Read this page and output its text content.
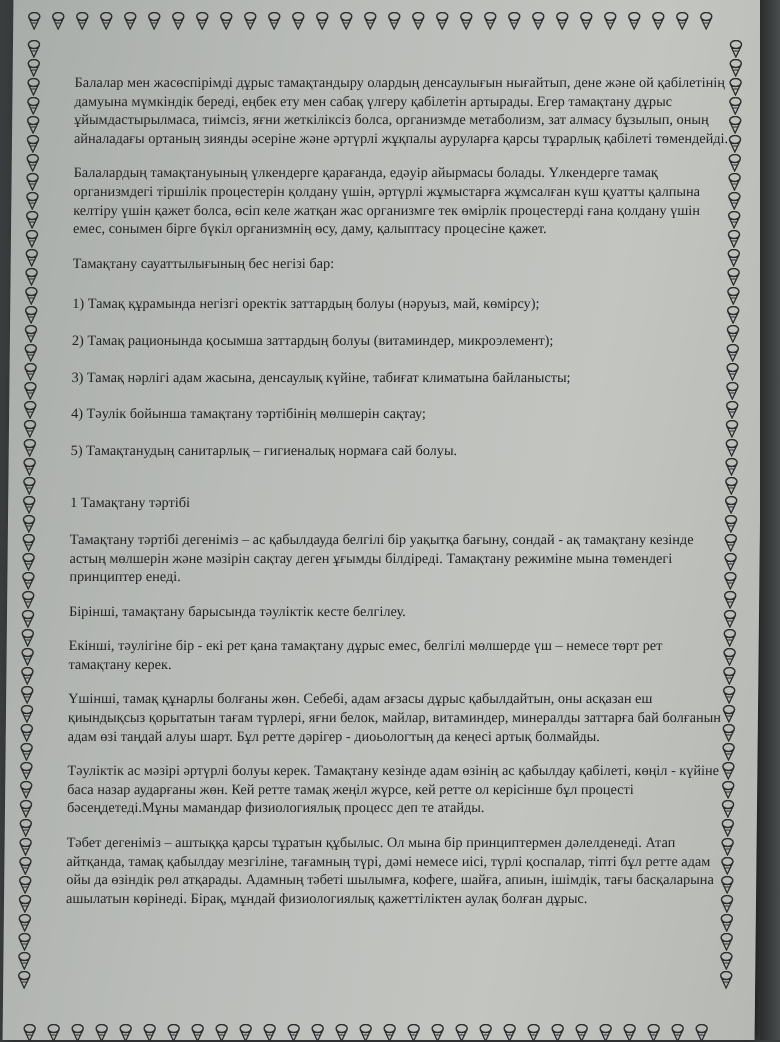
Балалар мен жасөспірімді дұрыс тамақтандыру олардың денсаулығын нығайтып, дене және ой қабілетінің дамуына мүмкіндік береді, еңбек ету мен сабақ үлгеру қабілетін артырады. Егер тамақтану дұрыс ұйымдастырылмаса, тиімсіз, яғни жеткіліксіз болса, организмде метаболизм, зат алмасу бұзылып, оның айналадағы ортаның зиянды әсеріне және әртүрлі жұқпалы ауруларға қарсы тұрарлық қабілеті төмендейді.

Балалардың тамақтануының үлкендерге қарағанда, едәуір айырмасы болады. Үлкендерге тамақ организмдегі тіршілік процестерін қолдану үшін, әртүрлі жұмыстарға жұмсалған күш қуатты қалпына келтіру үшін қажет болса, өсіп келе жатқан жас организмге тек өмірлік процестерді ғана қолдану үшін емес, сонымен бірге бүкіл организмнің өсу, даму, қалыптасу процесіне қажет.

Тамақтану сауаттылығының бес негізі бар:

1) Тамақ құрамында негізгі оректік заттардың болуы (нәруыз, май, көмірсу);

2) Тамақ рационында қосымша заттардың болуы (витаминдер, микроэлемент);

3) Тамақ нәрлігі адам жасына, денсаулық күйіне, табиғат климатына байланысты;

4) Тәулік бойынша тамақтану тәртібінің мөлшерін сақтау;

5) Тамақтанудың санитарлық – гигиеналық нормаға сай болуы.

1 Тамақтану тәртібі

Тамақтану тәртібі дегеніміз – ас қабылдауда белгілі бір уақытқа бағыну, сондай - ақ тамақтану кезінде астың мөлшерін және мәзірін сақтау деген ұғымды білдіреді. Тамақтану режиміне мына төмендегі принциптер енеді.

Бірінші, тамақтану барысында тәуліктік кесте белгілеу.

Екінші, тәулігіне бір - екі рет қана тамақтану дұрыс емес, белгілі мөлшерде үш – немесе төрт рет тамақтану керек.

Үшінші, тамақ құнарлы болғаны жөн. Себебі, адам ағзасы дұрыс қабылдайтын, оны асқазан еш қиындықсыз қорытатын тағам түрлері, яғни белок, майлар, витаминдер, минералды заттарға бай болғанын адам өзі таңдай алуы шарт. Бұл ретте дәрігер - диоьологтың да кеңесі артық болмайды.

Тәуліктік ас мәзірі әртүрлі болуы керек. Тамақтану кезінде адам өзінің ас қабылдау қабілеті, көңіл - күйіне баса назар аударғаны жөн. Кей ретте тамақ жеңіл жүрсе, кей ретте ол керісінше бұл процесті бәсеңдетеді.Мұны мамандар физиологиялық процесс деп те атайды.

Тәбет дегеніміз – аштыққа қарсы тұратын құбылыс. Ол мына бір принциптермен дәлелденеді. Атап айтқанда, тамақ қабылдау мезгіліне, тағамның түрі, дәмі немесе иісі, түрлі қоспалар, тіпті бұл ретте адам ойы да өзіндік рөл атқарады. Адамның тәбеті шылымға, кофеге, шайға, апиын, ішімдік, тағы басқаларына ашылатын көрінеді. Бірақ, мұндай физиологиялық қажеттіліктен аулақ болған дұрыс.
